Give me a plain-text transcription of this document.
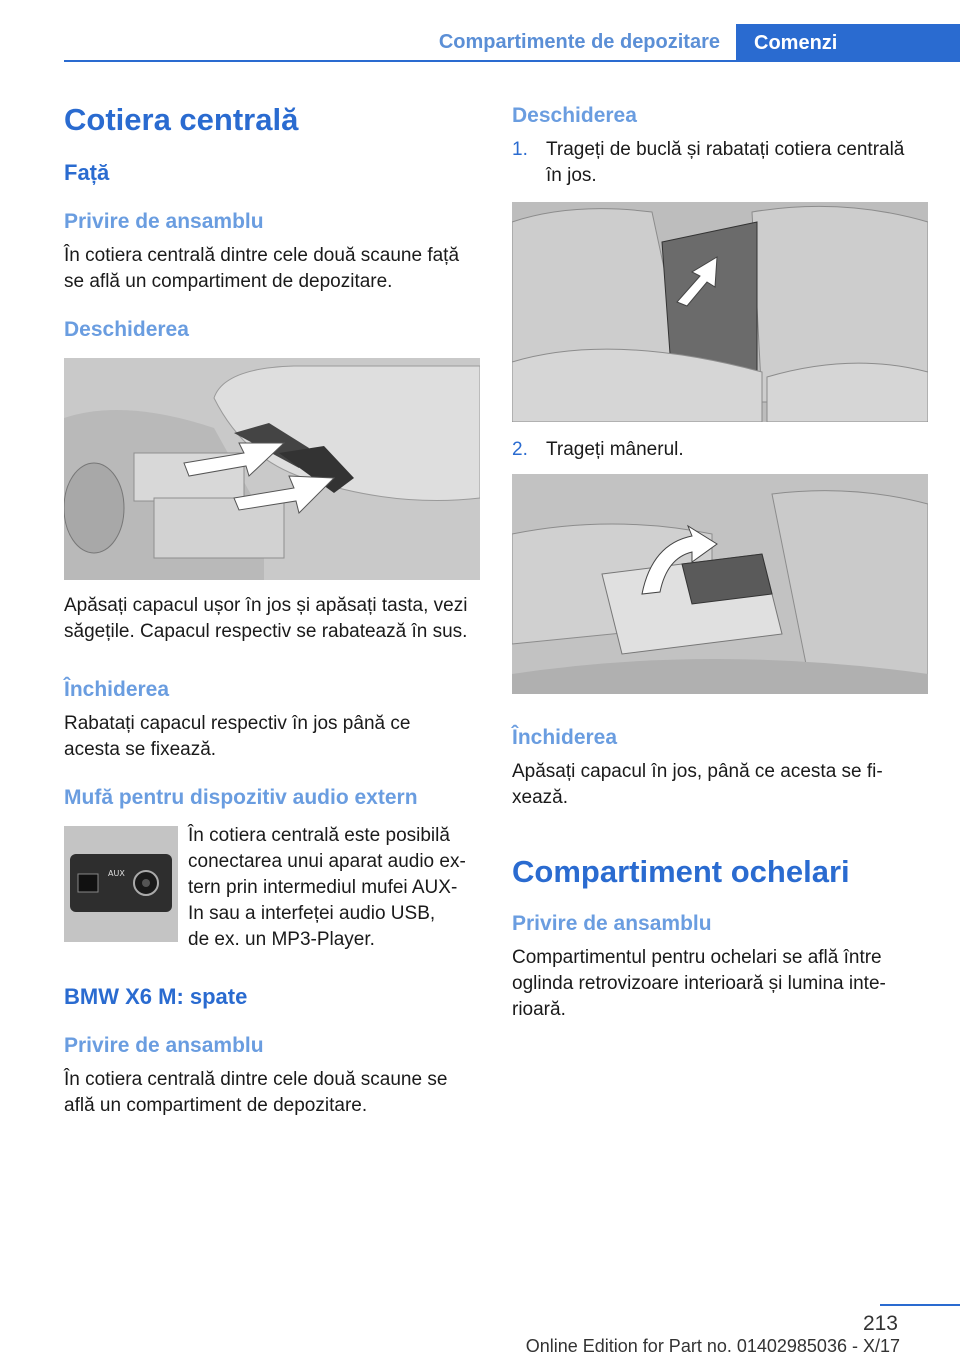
Compartimente de depozitare	Comenzi
Cotiera centrală
Față
Privire de ansamblu
În cotiera centrală dintre cele două scaune față
se află un compartiment de depozitare.
Deschiderea
Apăsați capacul ușor în jos și apăsați tasta, vezi
săgețile. Capacul respectiv se rabatează în sus.
Închiderea
Rabatați capacul respectiv în jos până ce
acesta se fixează.
Mufă pentru dispozitiv audio extern
AUX
În cotiera centrală este posibilă
conectarea unui aparat audio ex-
tern prin intermediul mufei AUX-
In sau a interfeței audio USB,
de ex. un MP3-Player.
BMW X6 M: spate
Privire de ansamblu
În cotiera centrală dintre cele două scaune se
află un compartiment de depozitare.
Deschiderea
1. Trageți de buclă și rabatați cotiera centrală
în jos.
2. Trageți mânerul.
Închiderea
Apăsați capacul în jos, până ce acesta se fi-
xează.
Compartiment ochelari
Privire de ansamblu
Compartimentul pentru ochelari se află între
oglinda retrovizoare interioară și lumina inte-
rioară.
213
Online Edition for Part no. 01402985036 - X/17
